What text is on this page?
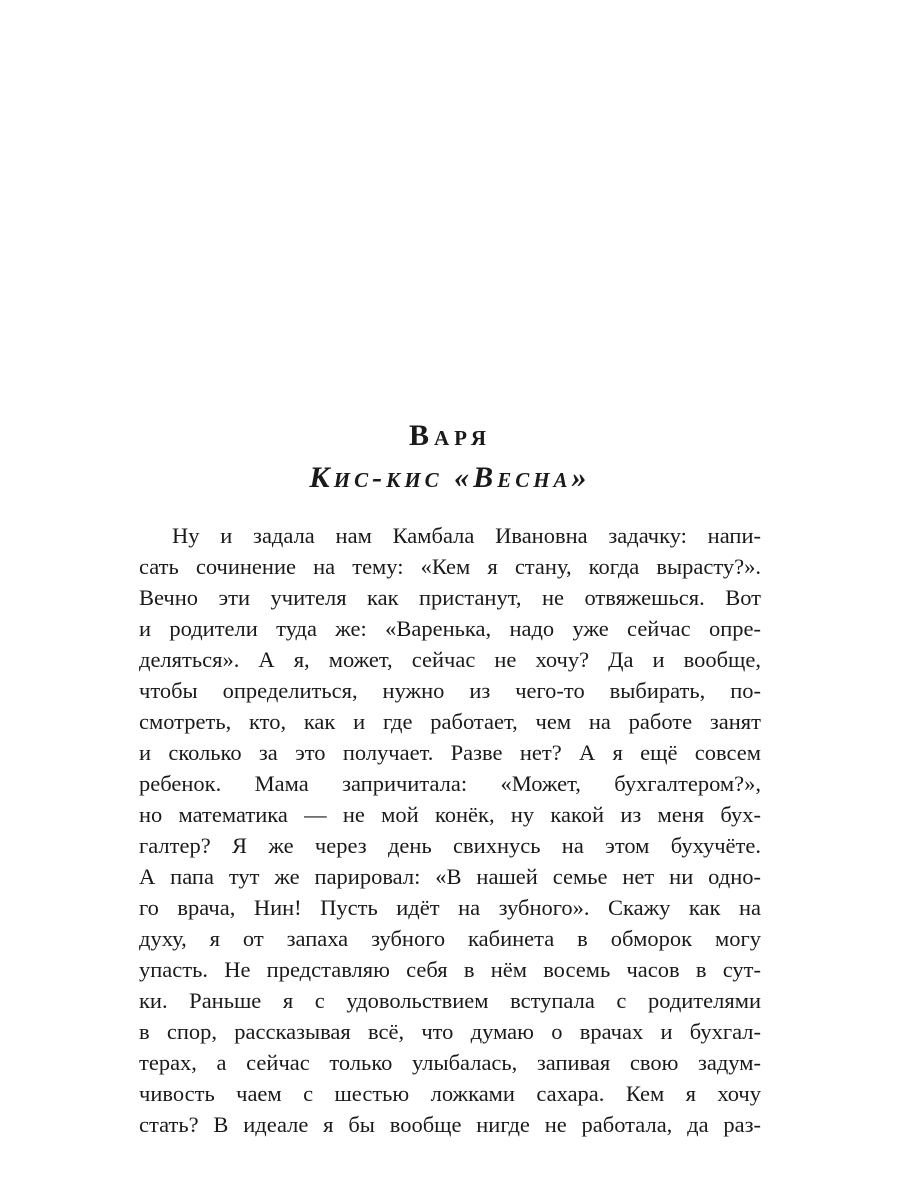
Варя
Кис-кис «Весна»
Ну и задала нам Камбала Ивановна задачку: напи-
сать сочинение на тему: «Кем я стану, когда вырасту?».
Вечно эти учителя как пристанут, не отвяжешься. Вот
и родители туда же: «Варенька, надо уже сейчас опре-
деляться». А я, может, сейчас не хочу? Да и вообще,
чтобы определиться, нужно из чего-то выбирать, по-
смотреть, кто, как и где работает, чем на работе занят
и сколько за это получает. Разве нет? А я ещё совсем
ребенок. Мама запричитала: «Может, бухгалтером?»,
но математика — не мой конёк, ну какой из меня бух-
галтер? Я же через день свихнусь на этом бухучёте.
А папа тут же парировал: «В нашей семье нет ни одно-
го врача, Нин! Пусть идёт на зубного». Скажу как на
духу, я от запаха зубного кабинета в обморок могу
упасть. Не представляю себя в нём восемь часов в сут-
ки. Раньше я с удовольствием вступала с родителями
в спор, рассказывая всё, что думаю о врачах и бухгал-
терах, а сейчас только улыбалась, запивая свою задум-
чивость чаем с шестью ложками сахара. Кем я хочу
стать? В идеале я бы вообще нигде не работала, да раз-
